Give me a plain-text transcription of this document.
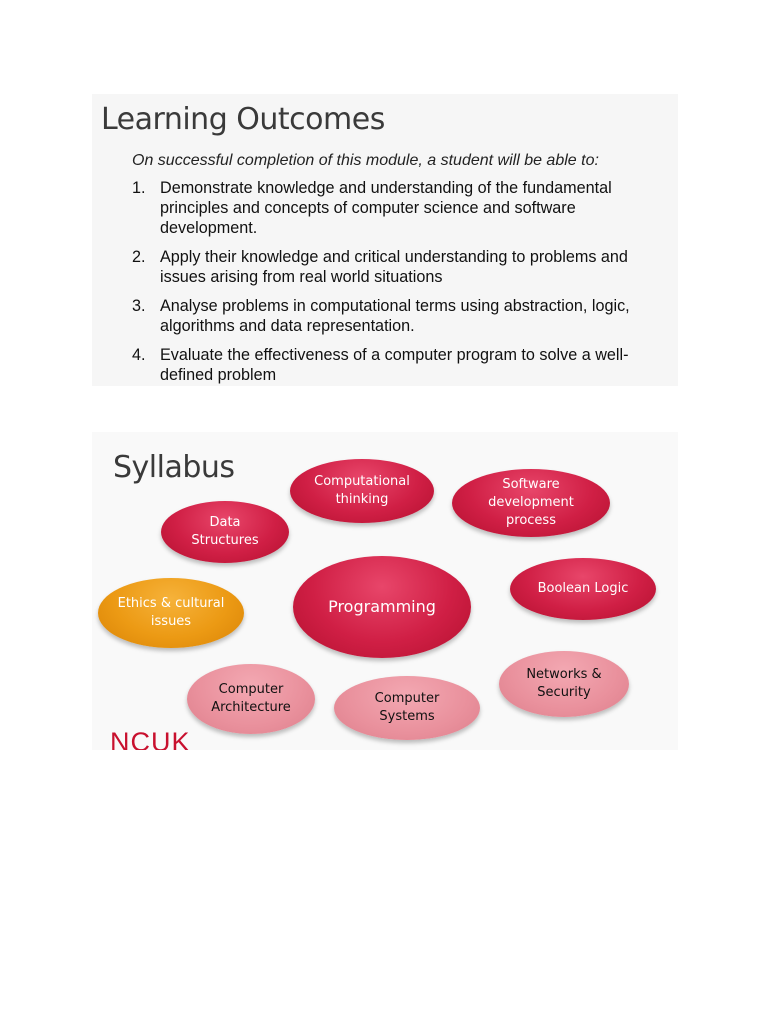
Learning Outcomes
On successful completion of this module, a student will be able to:
1. Demonstrate knowledge and understanding of the fundamental principles and concepts of computer science and software development.
2. Apply their knowledge and critical understanding to problems and issues arising from real world situations
3. Analyse problems in computational terms using abstraction, logic, algorithms and data representation.
4. Evaluate the effectiveness of a computer program to solve a well-defined problem
Syllabus	Computational thinking
Software development process
Data Structures
Boolean Logic
Ethics & cultural issues
Programming
Networks & Security
Computer Architecture
Computer Systems
NCUK
